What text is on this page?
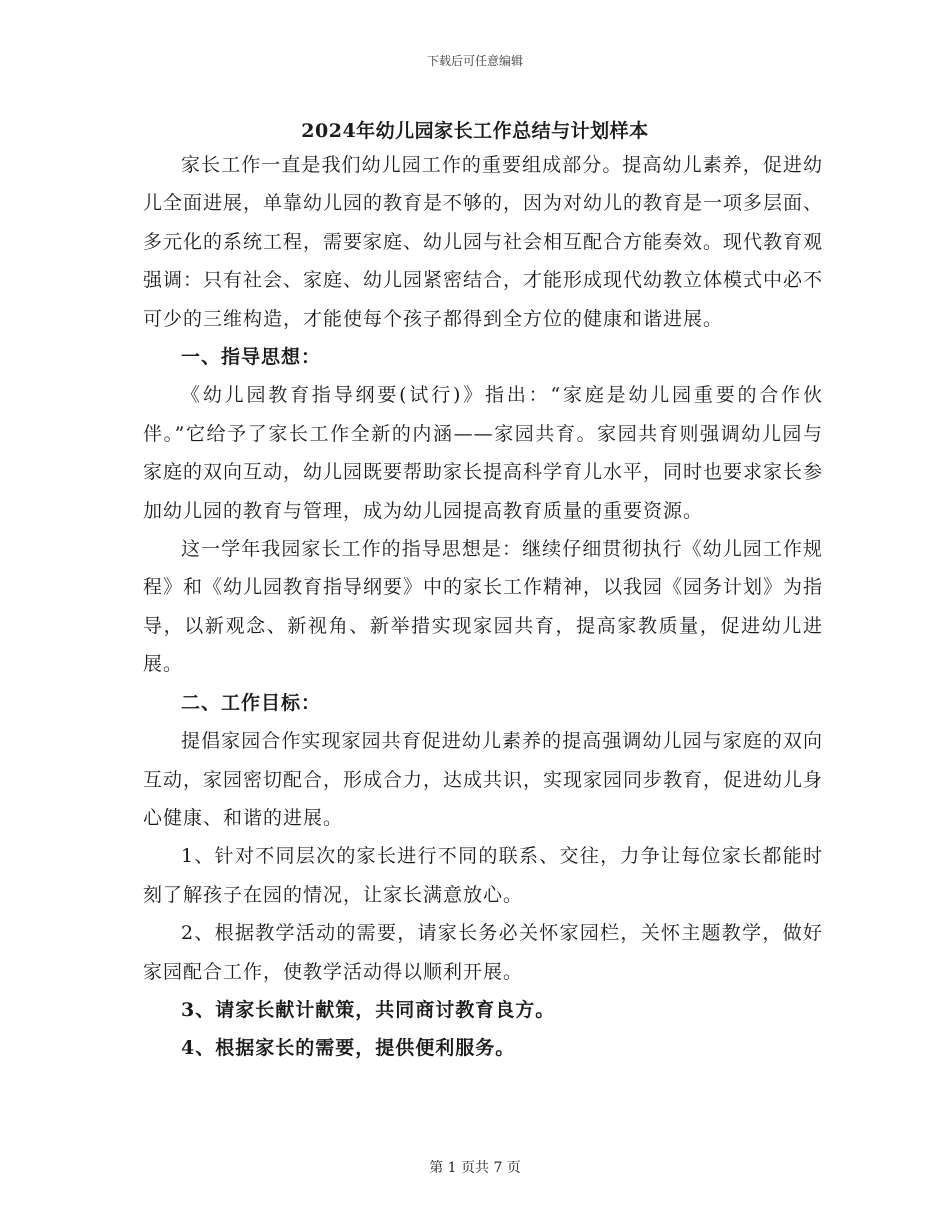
下载后可任意编辑
2024年幼儿园家长工作总结与计划样本

家长工作一直是我们幼儿园工作的重要组成部分。提高幼儿素养，促进幼儿全面进展，单靠幼儿园的教育是不够的，因为对幼儿的教育是一项多层面、多元化的系统工程，需要家庭、幼儿园与社会相互配合方能奏效。现代教育观强调：只有社会、家庭、幼儿园紧密结合，才能形成现代幼教立体模式中必不可少的三维构造，才能使每个孩子都得到全方位的健康和谐进展。

一、指导思想：

《幼儿园教育指导纲要(试行)》指出：“家庭是幼儿园重要的合作伙伴。”它给予了家长工作全新的内涵——家园共育。家园共育则强调幼儿园与家庭的双向互动，幼儿园既要帮助家长提高科学育儿水平，同时也要求家长参加幼儿园的教育与管理，成为幼儿园提高教育质量的重要资源。

这一学年我园家长工作的指导思想是：继续仔细贯彻执行《幼儿园工作规程》和《幼儿园教育指导纲要》中的家长工作精神，以我园《园务计划》为指导，以新观念、新视角、新举措实现家园共育，提高家教质量，促进幼儿进展。

二、工作目标：

提倡家园合作实现家园共育促进幼儿素养的提高强调幼儿园与家庭的双向互动，家园密切配合，形成合力，达成共识，实现家园同步教育，促进幼儿身心健康、和谐的进展。

1、针对不同层次的家长进行不同的联系、交往，力争让每位家长都能时刻了解孩子在园的情况，让家长满意放心。

2、根据教学活动的需要，请家长务必关怀家园栏，关怀主题教学，做好家园配合工作，使教学活动得以顺利开展。

3、请家长献计献策，共同商讨教育良方。

4、根据家长的需要，提供便利服务。

第 1 页共 7 页
